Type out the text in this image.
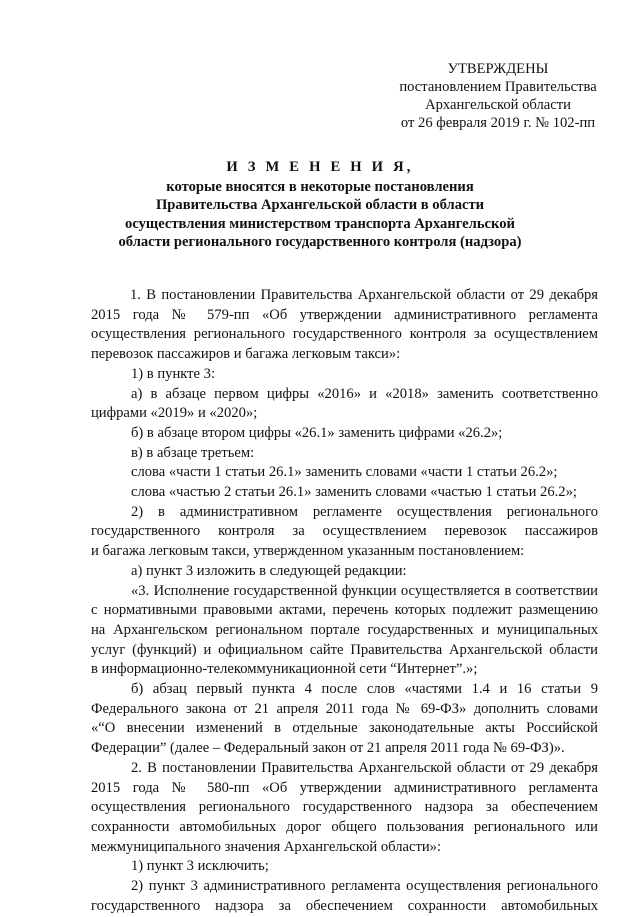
УТВЕРЖДЕНЫ
постановлением Правительства
Архангельской области
от 26 февраля 2019 г. № 102-пп
И З М Е Н Е Н И Я,
которые вносятся в некоторые постановления
Правительства Архангельской области в области
осуществления министерством транспорта Архангельской
области регионального государственного контроля (надзора)
1. В постановлении Правительства Архангельской области от 29 декабря
2015 года № 579-пп «Об утверждении административного регламента
осуществления регионального государственного контроля за осуществлением
перевозок пассажиров и багажа легковым такси»:
1) в пункте 3:
а) в абзаце первом цифры «2016» и «2018» заменить соответственно
цифрами «2019» и «2020»;
б) в абзаце втором цифры «26.1» заменить цифрами «26.2»;
в) в абзаце третьем:
слова «части 1 статьи 26.1» заменить словами «части 1 статьи 26.2»;
слова «частью 2 статьи 26.1» заменить словами «частью 1 статьи 26.2»;
2) в административном регламенте осуществления регионального
государственного контроля за осуществлением перевозок пассажиров
и багажа легковым такси, утвержденном указанным постановлением:
а) пункт 3 изложить в следующей редакции:
«3. Исполнение государственной функции осуществляется в соответствии
с нормативными правовыми актами, перечень которых подлежит размещению
на Архангельском региональном портале государственных и муниципальных
услуг (функций) и официальном сайте Правительства Архангельской области
в информационно-телекоммуникационной сети “Интернет”.»;
б) абзац первый пункта 4 после слов «частями 1.4 и 16 статьи 9
Федерального закона от 21 апреля 2011 года № 69-ФЗ» дополнить словами
«“О внесении изменений в отдельные законодательные акты Российской
Федерации” (далее – Федеральный закон от 21 апреля 2011 года № 69-ФЗ)».
2. В постановлении Правительства Архангельской области от 29 декабря
2015 года № 580-пп «Об утверждении административного регламента
осуществления регионального государственного надзора за обеспечением
сохранности автомобильных дорог общего пользования регионального или
межмуниципального значения Архангельской области»:
1) пункт 3 исключить;
2) пункт 3 административного регламента осуществления регионального
государственного надзора за обеспечением сохранности автомобильных
